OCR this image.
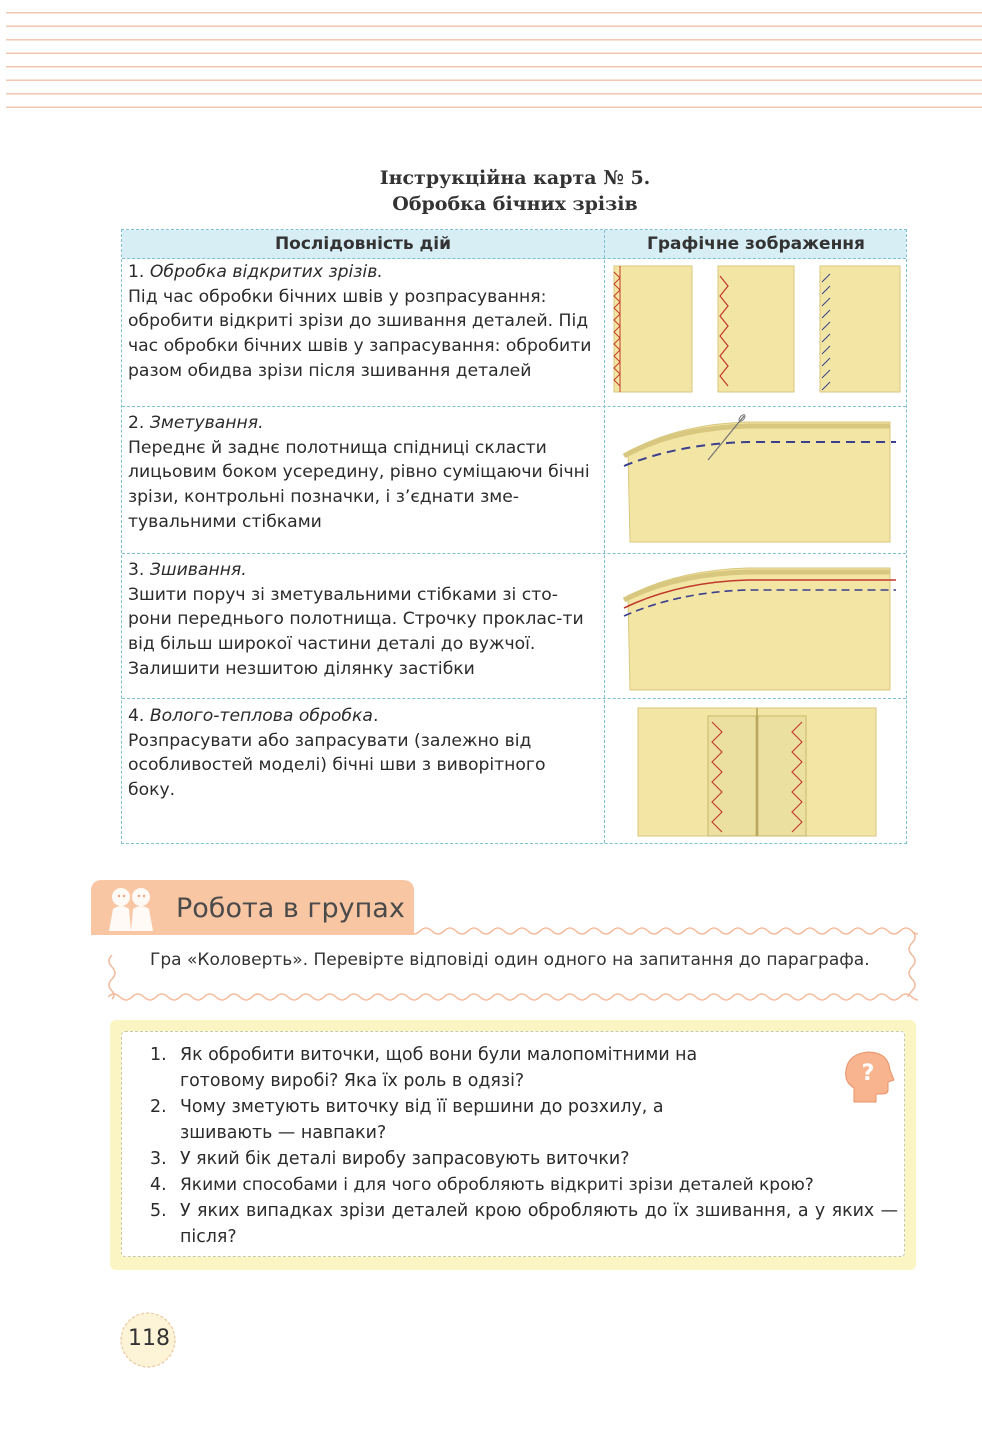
Інструкційна карта № 5.
Обробка бічних зрізів
Послідовність дій	Графічне зображення
1. Обробка відкритих зрізів.

Під час обробки бічних швів у розпрасування: обробити відкриті зрізи до зшивання деталей. Під час обробки бічних швів у запрасування: обробити разом обидва зрізи після зшивання деталей

2. Зметування.

Переднє й заднє полотнища спідниці скласти лицьовим боком усередину, рівно суміщаючи бічні зрізи, контрольні позначки, і з’єднати зме-тувальними стібками

3. Зшивання.

Зшити поруч зі зметувальними стібками зі сто-рони переднього полотнища. Строчку проклас-ти від більш широкої частини деталі до вужчої. Залишити незшитою ділянку застібки

4. Волого-теплова обробка.

Розпрасувати або запрасувати (залежно від особливостей моделі) бічні шви з виворітного боку.

Робота в групах
Гра «Коловерть». Перевірте відповіді один одного на запитання до параграфа.
1. Як обробити виточки, щоб вони були малопомітними на готовому виробі? Яка їх роль в одязі?
2. Чому зметують виточку від її вершини до розхилу, а зшивають — навпаки?
3. У який бік деталі виробу запрасовують виточки?
4. Якими способами і для чого обробляють відкриті зрізи деталей крою?
5. У яких випадках зрізи деталей крою обробляють до їх зшивання, а у яких — після?
?
118
